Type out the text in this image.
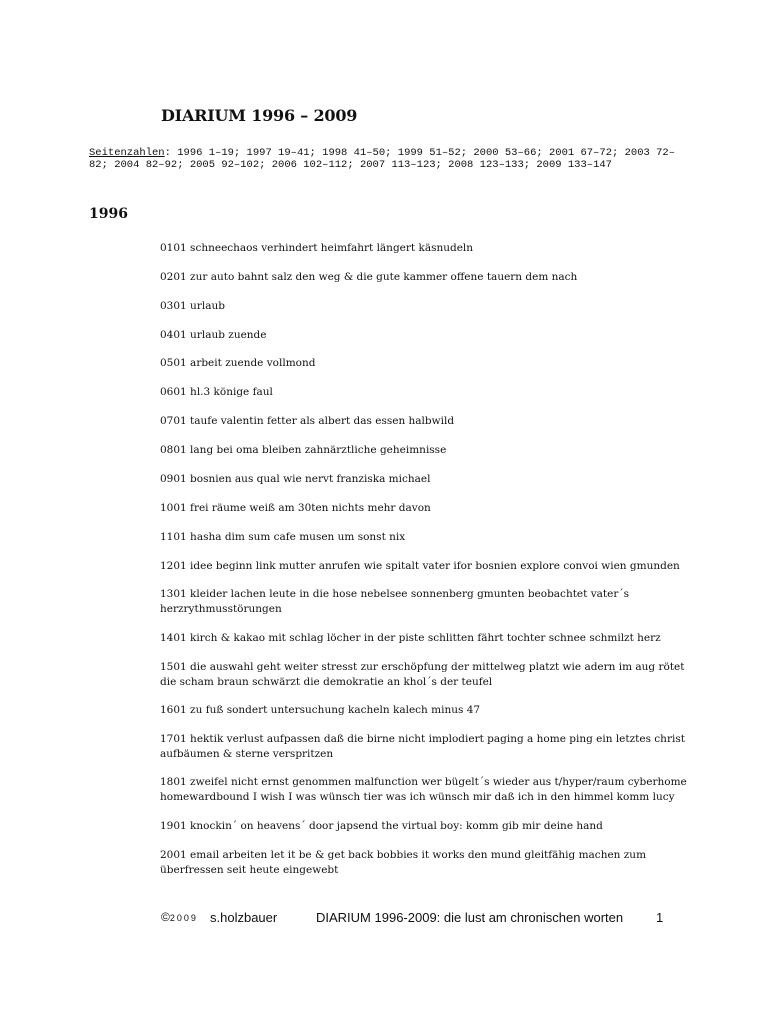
DIARIUM 1996 – 2009
Seitenzahlen: 1996 1–19; 1997 19–41; 1998 41–50; 1999 51–52; 2000 53–66; 2001 67–72; 2003 72–82; 2004 82–92; 2005 92–102; 2006 102–112; 2007 113–123; 2008 123–133; 2009 133–147
1996

0101 schneechaos verhindert heimfahrt längert käsnudeln

0201 zur auto bahnt salz den weg & die gute kammer offene tauern dem nach

0301 urlaub

0401 urlaub zuende

0501 arbeit zuende vollmond

0601 hl.3 könige faul

0701 taufe valentin fetter als albert das essen halbwild

0801 lang bei oma bleiben zahnärztliche geheimnisse

0901 bosnien aus qual wie nervt franziska michael

1001 frei räume weiß am 30ten nichts mehr davon

1101 hasha dim sum cafe musen um sonst nix

1201 idee beginn link mutter anrufen wie spitalt vater ifor bosnien explore convoi wien gmunden

1301 kleider lachen leute in die hose nebelsee sonnenberg gmunten beobachtet vater´s herzrythmusstörungen

1401 kirch & kakao mit schlag löcher in der piste schlitten fährt tochter schnee schmilzt herz

1501 die auswahl geht weiter stresst zur erschöpfung der mittelweg platzt wie adern im aug rötet die scham braun schwärzt die demokratie an khol´s der teufel

1601 zu fuß sondert untersuchung kacheln kalech minus 47

1701 hektik verlust aufpassen daß die birne nicht implodiert paging a home ping ein letztes christ aufbäumen & sterne verspritzen

1801 zweifel nicht ernst genommen malfunction wer bügelt´s wieder aus t/hyper/raum cyberhome homewardbound I wish I was wünsch tier was ich wünsch mir daß ich in den himmel komm lucy

1901 knockin´ on heavens´ door japsend the virtual boy: komm gib mir deine hand

2001 email arbeiten let it be & get back bobbies it works den mund gleitfähig machen zum überfressen seit heute eingewebt

©2009 s.holzbauer	DIARIUM 1996-2009: die lust am chronischen worten	1
